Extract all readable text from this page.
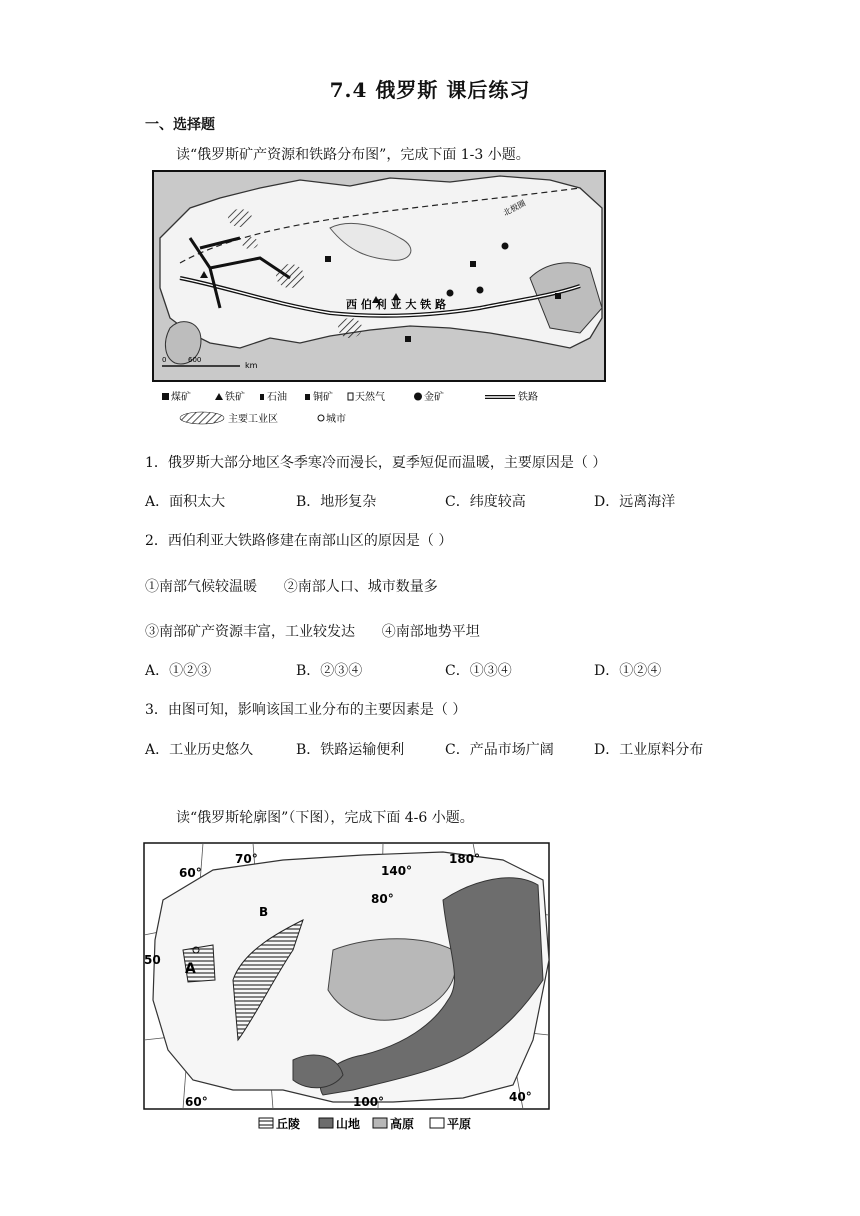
7.4 俄罗斯 课后练习
一、选择题
读“俄罗斯矿产资源和铁路分布图”，完成下面 1-3 小题。
北极圈
西 伯 利 亚 大 铁 路
0	600
km
煤矿	铁矿 石油	铜矿 天然气	金矿	铁路
主要工业区	城市
1．俄罗斯大部分地区冬季寒冷而漫长，夏季短促而温暖，主要原因是（ ）
A．面积太大	B．地形复杂	C．纬度较高	D．远离海洋
2．西伯利亚大铁路修建在南部山区的原因是（ ）
①南部气候较温暖      ②南部人口、城市数量多
③南部矿产资源丰富，工业较发达      ④南部地势平坦
A．①②③	B．②③④	C．①③④	D．①②④
3．由图可知，影响该国工业分布的主要因素是（ ）
A．工业历史悠久	B．铁路运输便利	C．产品市场广阔	D．工业原料分布
读“俄罗斯轮廓图”（下图），完成下面 4-6 小题。
60°
70°
140°
180°
80°
60°	100°	40°
50
A
B
丘陵	山地 高原	平原
